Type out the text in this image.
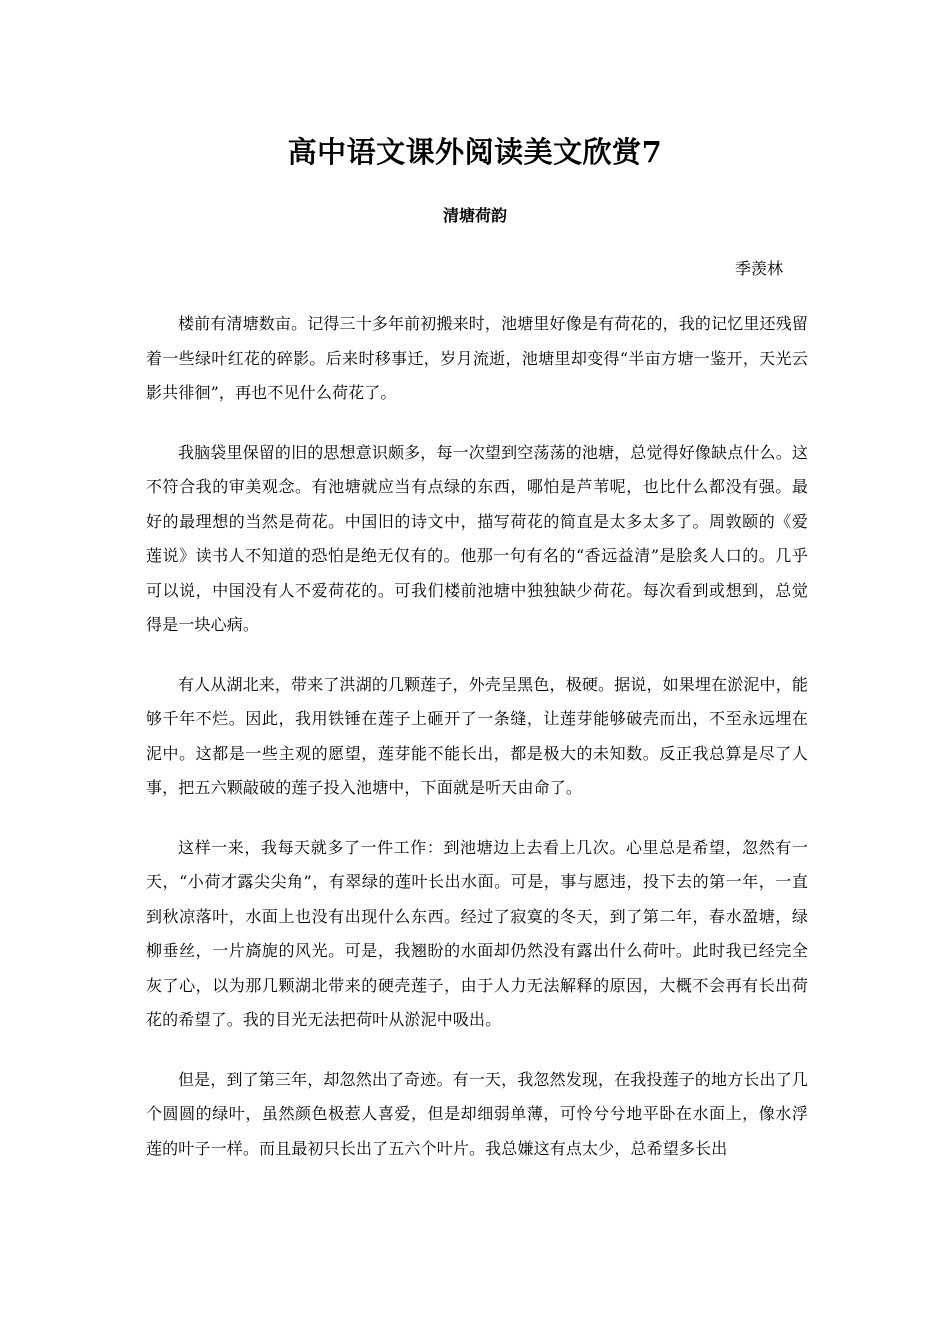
高中语文课外阅读美文欣赏7
清塘荷韵
季羡林

楼前有清塘数亩。记得三十多年前初搬来时，池塘里好像是有荷花的，我的记忆里还残留着一些绿叶红花的碎影。后来时移事迁，岁月流逝，池塘里却变得“半亩方塘一鉴开，天光云影共徘徊”，再也不见什么荷花了。

我脑袋里保留的旧的思想意识颇多，每一次望到空荡荡的池塘，总觉得好像缺点什么。这不符合我的审美观念。有池塘就应当有点绿的东西，哪怕是芦苇呢，也比什么都没有强。最好的最理想的当然是荷花。中国旧的诗文中，描写荷花的简直是太多太多了。周敦颐的《爱莲说》读书人不知道的恐怕是绝无仅有的。他那一句有名的“香远益清”是脍炙人口的。几乎可以说，中国没有人不爱荷花的。可我们楼前池塘中独独缺少荷花。每次看到或想到，总觉得是一块心病。

有人从湖北来，带来了洪湖的几颗莲子，外壳呈黑色，极硬。据说，如果埋在淤泥中，能够千年不烂。因此，我用铁锤在莲子上砸开了一条缝，让莲芽能够破壳而出，不至永远埋在泥中。这都是一些主观的愿望，莲芽能不能长出，都是极大的未知数。反正我总算是尽了人事，把五六颗敲破的莲子投入池塘中，下面就是听天由命了。

这样一来，我每天就多了一件工作：到池塘边上去看上几次。心里总是希望，忽然有一天，“小荷才露尖尖角”，有翠绿的莲叶长出水面。可是，事与愿违，投下去的第一年，一直到秋凉落叶，水面上也没有出现什么东西。经过了寂寞的冬天，到了第二年，春水盈塘，绿柳垂丝，一片旖旎的风光。可是，我翘盼的水面却仍然没有露出什么荷叶。此时我已经完全灰了心，以为那几颗湖北带来的硬壳莲子，由于人力无法解释的原因，大概不会再有长出荷花的希望了。我的目光无法把荷叶从淤泥中吸出。

但是，到了第三年，却忽然出了奇迹。有一天，我忽然发现，在我投莲子的地方长出了几个圆圆的绿叶，虽然颜色极惹人喜爱，但是却细弱单薄，可怜兮兮地平卧在水面上，像水浮莲的叶子一样。而且最初只长出了五六个叶片。我总嫌这有点太少，总希望多长出
